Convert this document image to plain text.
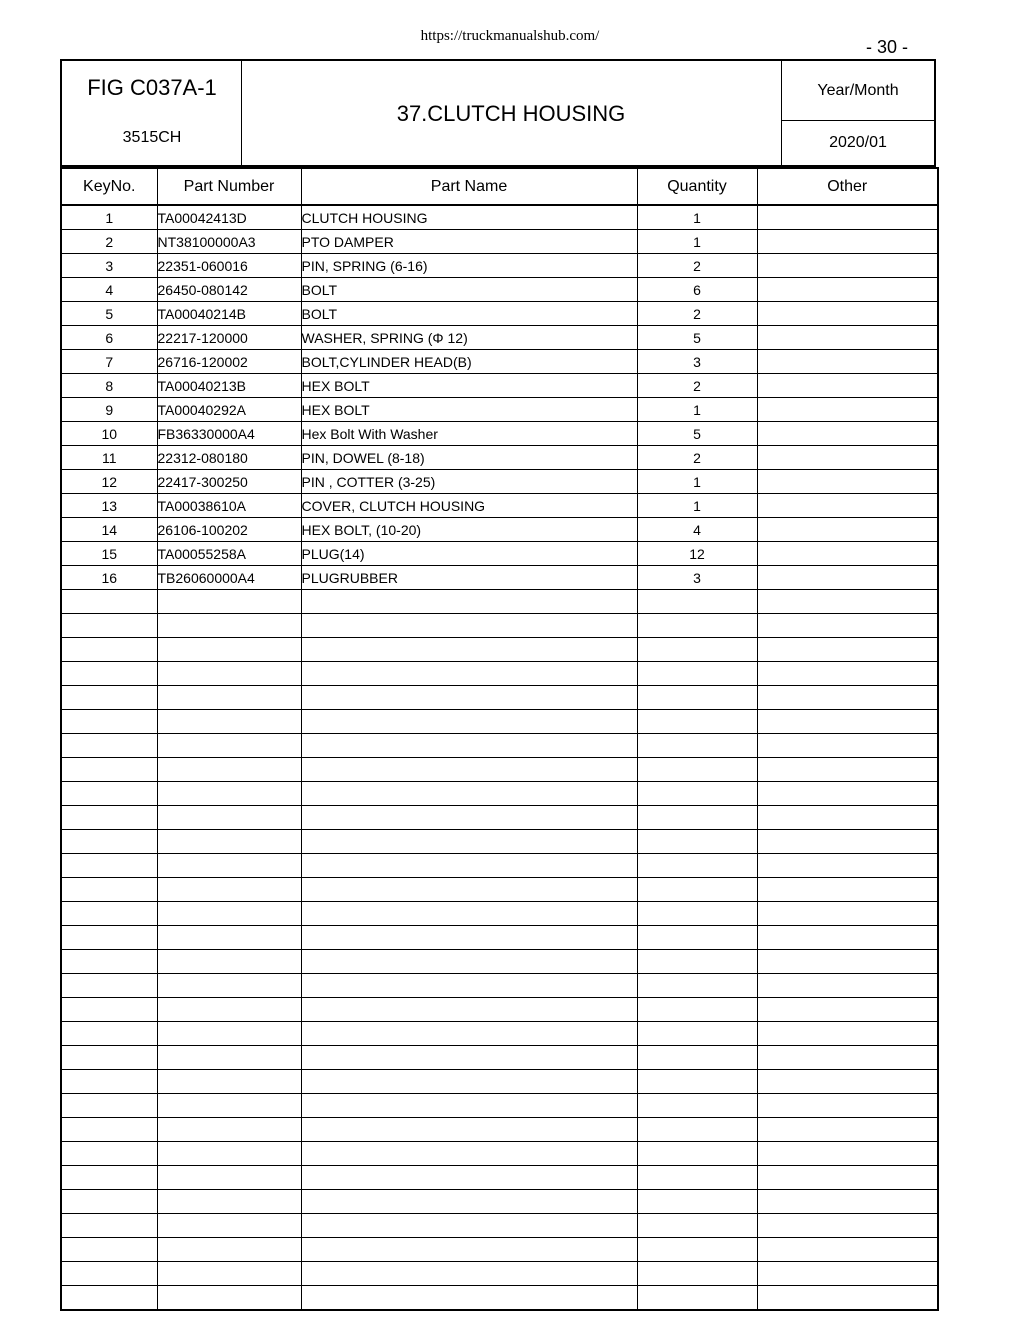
https://truckmanualshub.com/
- 30 -
FIG C037A-1
3515CH
37.CLUTCH HOUSING
Year/Month
2020/01
KeyNo.	Part Number	Part Name	Quantity	Other
1	TA00042413D	CLUTCH HOUSING	1	
2	NT38100000A3	PTO DAMPER	1	
3	22351-060016	PIN, SPRING (6-16)	2	
4	26450-080142	BOLT	6	
5	TA00040214B	BOLT	2	
6	22217-120000	WASHER, SPRING (Φ 12)	5	
7	26716-120002	BOLT,CYLINDER HEAD(B)	3	
8	TA00040213B	HEX BOLT	2	
9	TA00040292A	HEX BOLT	1	
10	FB36330000A4	Hex Bolt With Washer	5	
11	22312-080180	PIN, DOWEL (8-18)	2	
12	22417-300250	PIN , COTTER (3-25)	1	
13	TA00038610A	COVER, CLUTCH HOUSING	1	
14	26106-100202	HEX BOLT, (10-20)	4	
15	TA00055258A	PLUG(14)	12	
16	TB26060000A4	PLUGRUBBER	3	
